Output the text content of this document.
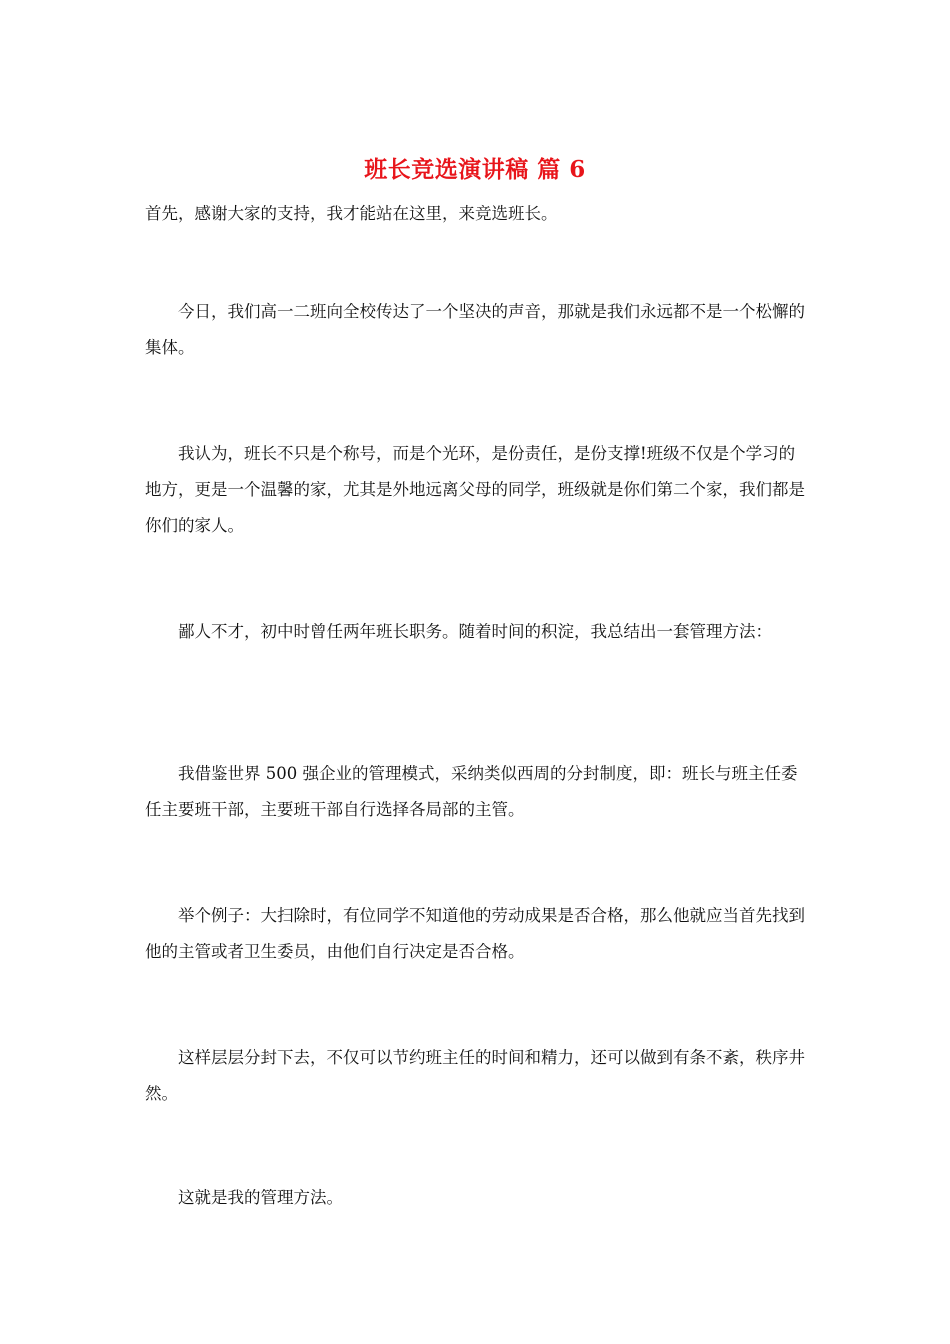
班长竞选演讲稿 篇 6

首先，感谢大家的支持，我才能站在这里，来竞选班长。

今日，我们高一二班向全校传达了一个坚决的声音，那就是我们永远都不是一个松懈的集体。

我认为，班长不只是个称号，而是个光环，是份责任，是份支撑!班级不仅是个学习的地方，更是一个温馨的家，尤其是外地远离父母的同学，班级就是你们第二个家，我们都是你们的家人。

鄙人不才，初中时曾任两年班长职务。随着时间的积淀，我总结出一套管理方法：

我借鉴世界 500 强企业的管理模式，采纳类似西周的分封制度，即：班长与班主任委任主要班干部，主要班干部自行选择各局部的主管。

举个例子：大扫除时，有位同学不知道他的劳动成果是否合格，那么他就应当首先找到他的主管或者卫生委员，由他们自行决定是否合格。

这样层层分封下去，不仅可以节约班主任的时间和精力，还可以做到有条不紊，秩序井然。

这就是我的管理方法。
